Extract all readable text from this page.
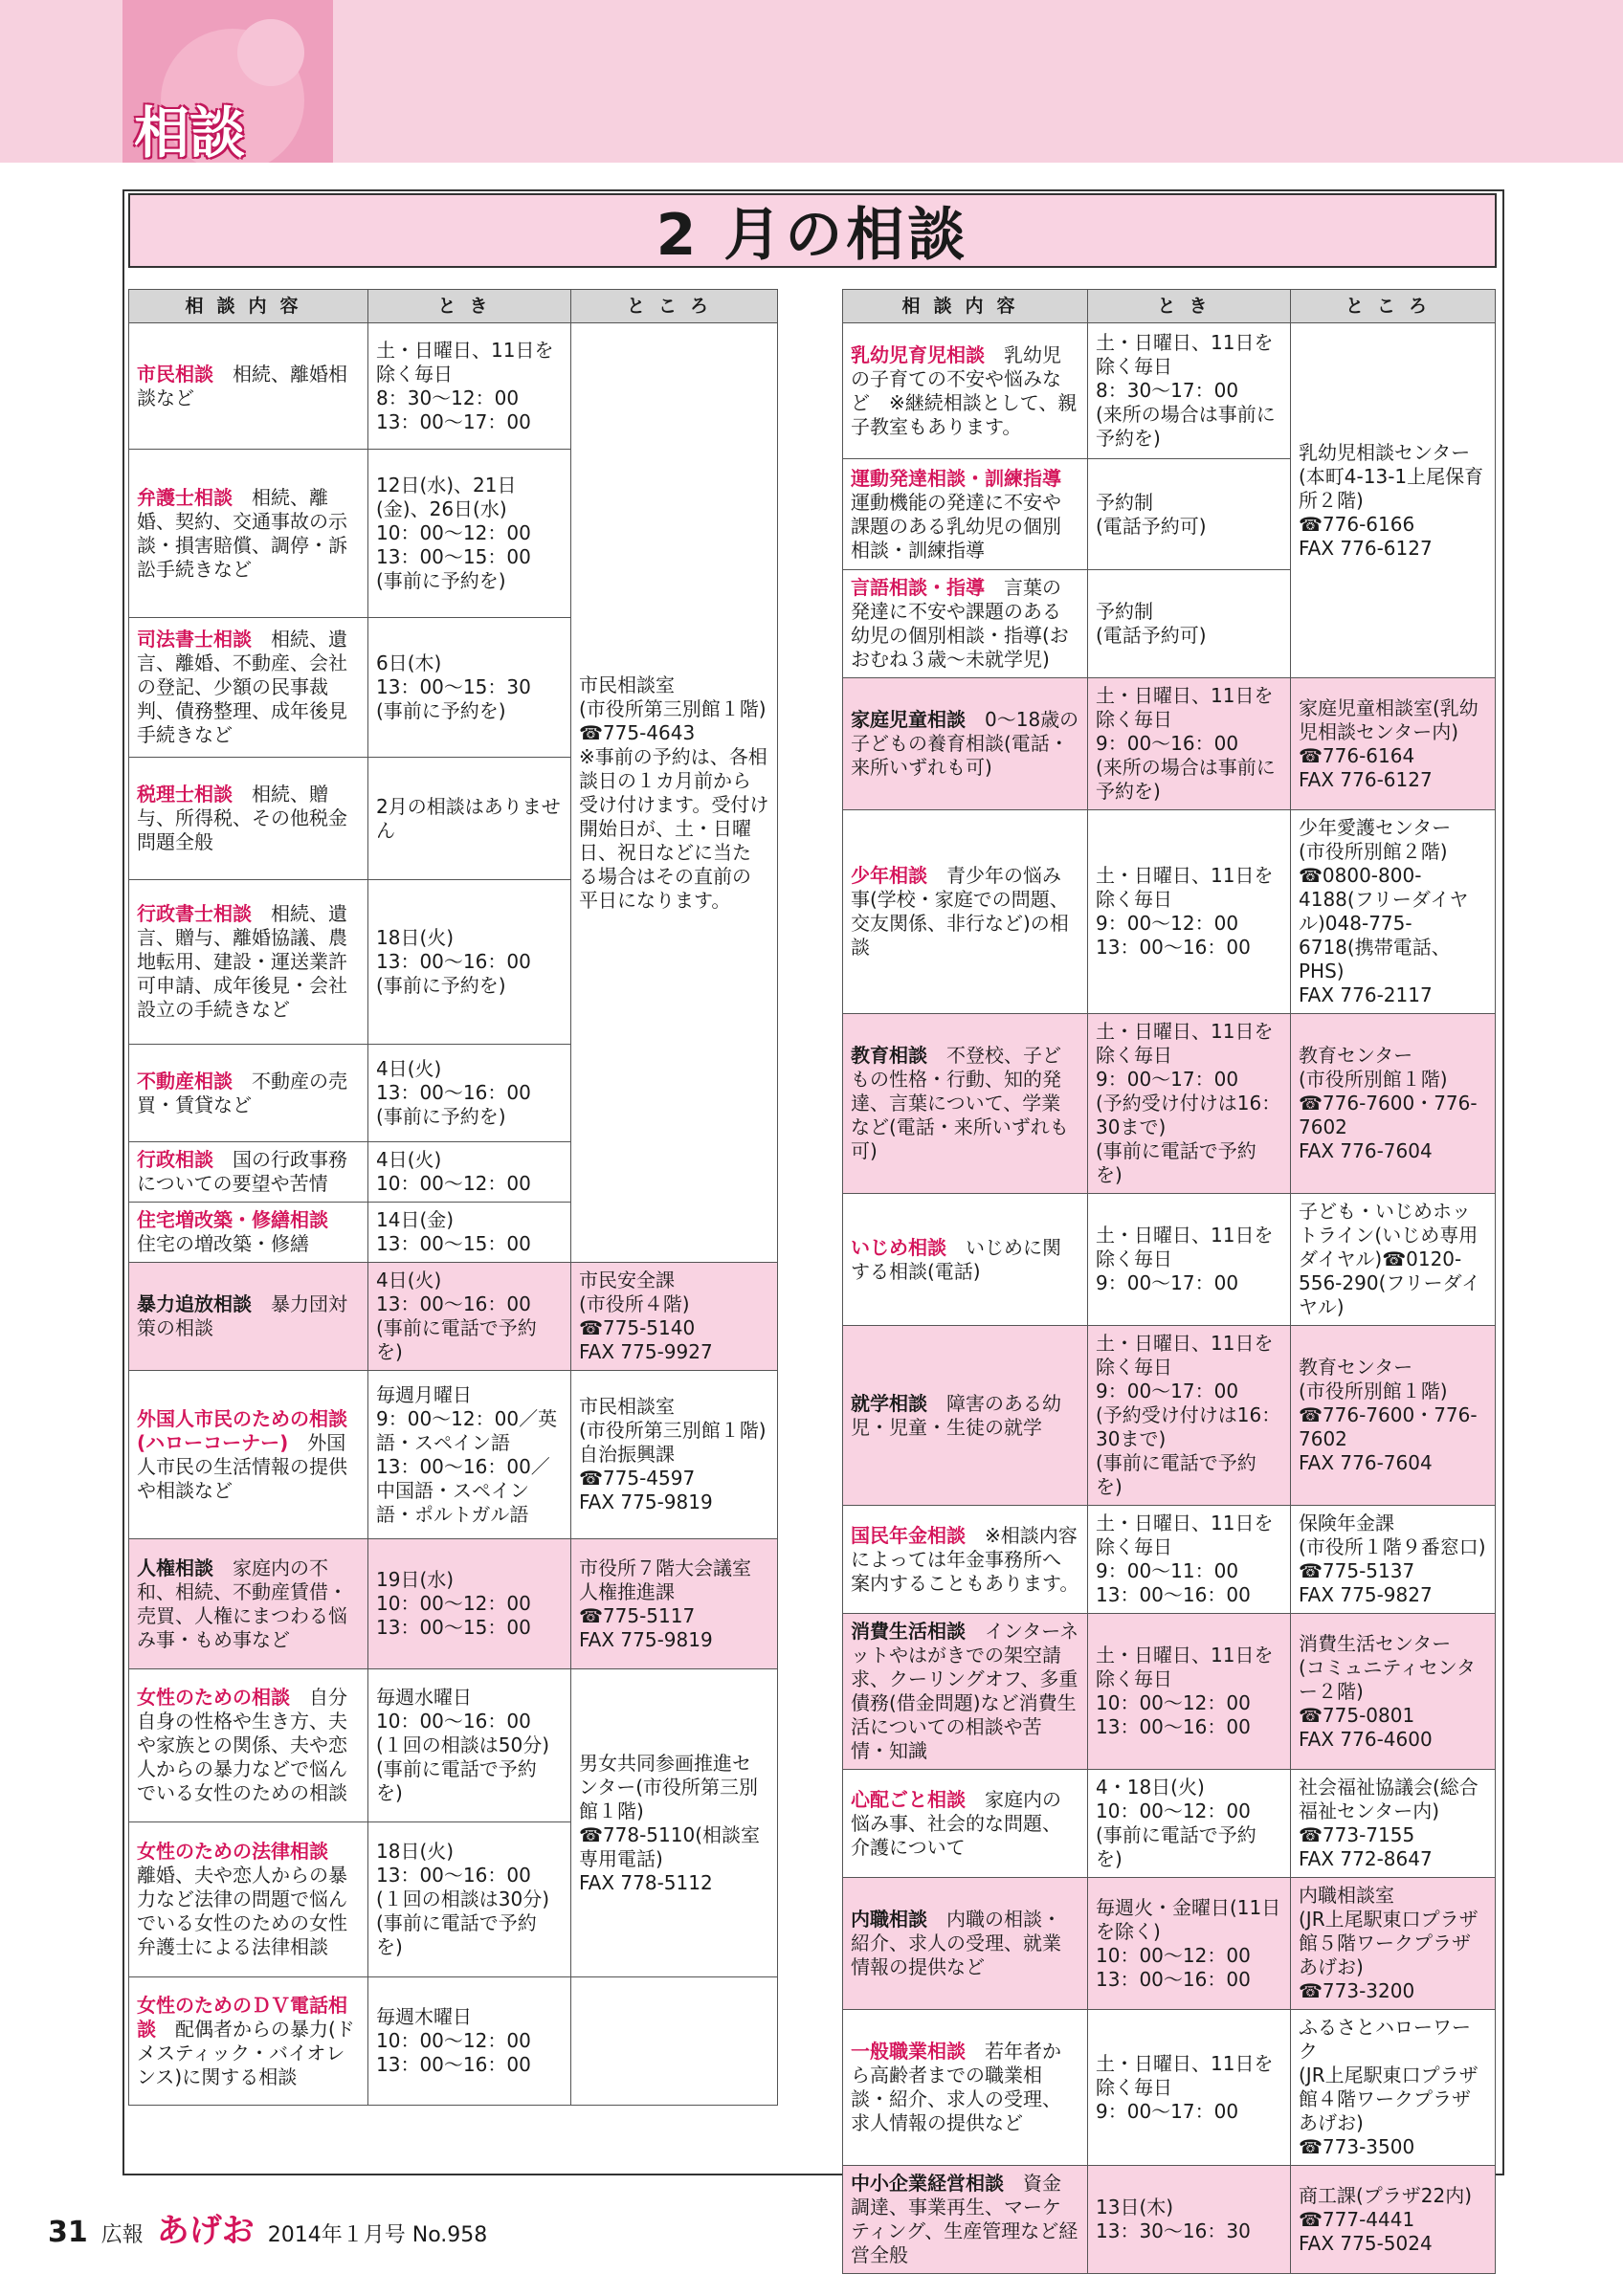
相談
2 月の相談
相談内容	とき	ところ
市民相談　 相続、離婚相談など	土・日曜日、11日を除く毎日
8：30～12：00
13：00～17：00	市民相談室
(市役所第三別館１階)
☎775-4643
※事前の予約は、各相談日の１カ月前から受け付けます。受付け開始日が、土・日曜日、祝日などに当たる場合はその直前の平日になります。
弁護士相談　 相続、離婚、契約、交通事故の示談・損害賠償、調停・訴訟手続きなど	12日(水)、21日(金)、26日(水)
10：00～12：00
13：00～15：00
(事前に予約を)	
司法書士相談　 相続、遺言、離婚、不動産、会社の登記、少額の民事裁判、債務整理、成年後見手続きなど	6日(木)
13：00～15：30
(事前に予約を)	
税理士相談　 相続、贈与、所得税、その他税金問題全般	2月の相談はありません	
行政書士相談　 相続、遺言、贈与、離婚協議、農地転用、建設・運送業許可申請、成年後見・会社設立の手続きなど	18日(火)
13：00～16：00
(事前に予約を)	
不動産相談　 不動産の売買・賃貸など	4日(火)
13：00～16：00
(事前に予約を)	
行政相談　 国の行政事務についての要望や苦情	4日(火)
10：00～12：00	
住宅増改築・修繕相談　住宅の増改築・修繕	14日(金)
13：00～15：00	
暴力追放相談　 暴力団対策の相談	4日(火)
13：00～16：00
(事前に電話で予約を)	市民安全課
(市役所４階)
☎775-5140
FAX 775-9927
外国人市民のための相談(ハローコーナー)　 外国人市民の生活情報の提供や相談など	毎週月曜日
9：00～12：00／英語・スペイン語
13：00～16：00／中国語・スペイン語・ポルトガル語	市民相談室
(市役所第三別館１階)
自治振興課
☎775-4597
FAX 775-9819
人権相談　 家庭内の不和、相続、不動産賃借・売買、人権にまつわる悩み事・もめ事など	19日(水)
10：00～12：00
13：00～15：00	市役所７階大会議室
人権推進課
☎775-5117
FAX 775-9819
女性のための相談　 自分自身の性格や生き方、夫や家族との関係、夫や恋人からの暴力などで悩んでいる女性のための相談	毎週水曜日
10：00～16：00
(１回の相談は50分)
(事前に電話で予約を)	男女共同参画推進センター(市役所第三別館１階)
☎778-5110(相談室専用電話)
FAX 778-5112
女性のための法律相談　離婚、夫や恋人からの暴力など法律の問題で悩んでいる女性のための女性弁護士による法律相談	18日(火)
13：00～16：00
(１回の相談は30分)
(事前に電話で予約を)	
女性のためのＤＶ電話相談　 配偶者からの暴力(ドメスティック・バイオレンス)に関する相談	毎週木曜日
10：00～12：00
13：00～16：00	
相談内容	とき	ところ
乳幼児育児相談　 乳幼児の子育ての不安や悩みなど　※継続相談として、親子教室もあります。	土・日曜日、11日を除く毎日
8：30～17：00
(来所の場合は事前に予約を)	乳幼児相談センター
(本町4-13-1上尾保育所２階)
☎776-6166
FAX 776-6127
運動発達相談・訓練指導
運動機能の発達に不安や課題のある乳幼児の個別相談・訓練指導	予約制
(電話予約可)	
言語相談・指導　 言葉の発達に不安や課題のある幼児の個別相談・指導(おおむね３歳～未就学児)	予約制
(電話予約可)	
家庭児童相談　 0～18歳の子どもの養育相談(電話・来所いずれも可)	土・日曜日、11日を除く毎日
9：00～16：00
(来所の場合は事前に予約を)	家庭児童相談室(乳幼児相談センター内)
☎776-6164
FAX 776-6127
少年相談　 青少年の悩み事(学校・家庭での問題、交友関係、非行など)の相談	土・日曜日、11日を除く毎日
9：00～12：00
13：00～16：00	少年愛護センター
(市役所別館２階)
☎0800-800-4188(フリーダイヤル)048-775-6718(携帯電話、PHS)
FAX 776-2117
教育相談　 不登校、子どもの性格・行動、知的発達、言葉について、学業など(電話・来所いずれも可)	土・日曜日、11日を除く毎日
9：00～17：00
(予約受け付けは16：30まで)
(事前に電話で予約を)	教育センター
(市役所別館１階)
☎776-7600・776-7602
FAX 776-7604
いじめ相談　 いじめに関する相談(電話)	土・日曜日、11日を除く毎日
9：00～17：00	子ども・いじめホットライン(いじめ専用ダイヤル)☎0120-556-290(フリーダイヤル)
就学相談　 障害のある幼児・児童・生徒の就学	土・日曜日、11日を除く毎日
9：00～17：00
(予約受け付けは16：30まで)
(事前に電話で予約を)	教育センター
(市役所別館１階)
☎776-7600・776-7602
FAX 776-7604
国民年金相談　 ※相談内容によっては年金事務所へ案内することもあります。	土・日曜日、11日を除く毎日
9：00～11：00
13：00～16：00	保険年金課
(市役所１階９番窓口)
☎775-5137
FAX 775-9827
消費生活相談　 インターネットやはがきでの架空請求、クーリングオフ、多重債務(借金問題)など消費生活についての相談や苦情・知識	土・日曜日、11日を除く毎日
10：00～12：00
13：00～16：00	消費生活センター
(コミュニティセンター２階)
☎775-0801
FAX 776-4600
心配ごと相談　 家庭内の悩み事、社会的な問題、介護について	4・18日(火)
10：00～12：00
(事前に電話で予約を)	社会福祉協議会(総合福祉センター内)
☎773-7155
FAX 772-8647
内職相談　 内職の相談・紹介、求人の受理、就業情報の提供など	毎週火・金曜日(11日を除く)
10：00～12：00
13：00～16：00	内職相談室
(JR上尾駅東口プラザ館５階ワークプラザあげお)
☎773-3200
一般職業相談　 若年者から高齢者までの職業相談・紹介、求人の受理、求人情報の提供など	土・日曜日、11日を除く毎日
9：00～17：00	ふるさとハローワーク
(JR上尾駅東口プラザ館４階ワークプラザあげお)
☎773-3500
中小企業経営相談　 資金調達、事業再生、マーケティング、生産管理など経営全般	13日(木)
13：30～16：30	商工課(プラザ22内)
☎777-4441
FAX 775-5024
31 広報 あげお 2014年１月号 No.958
